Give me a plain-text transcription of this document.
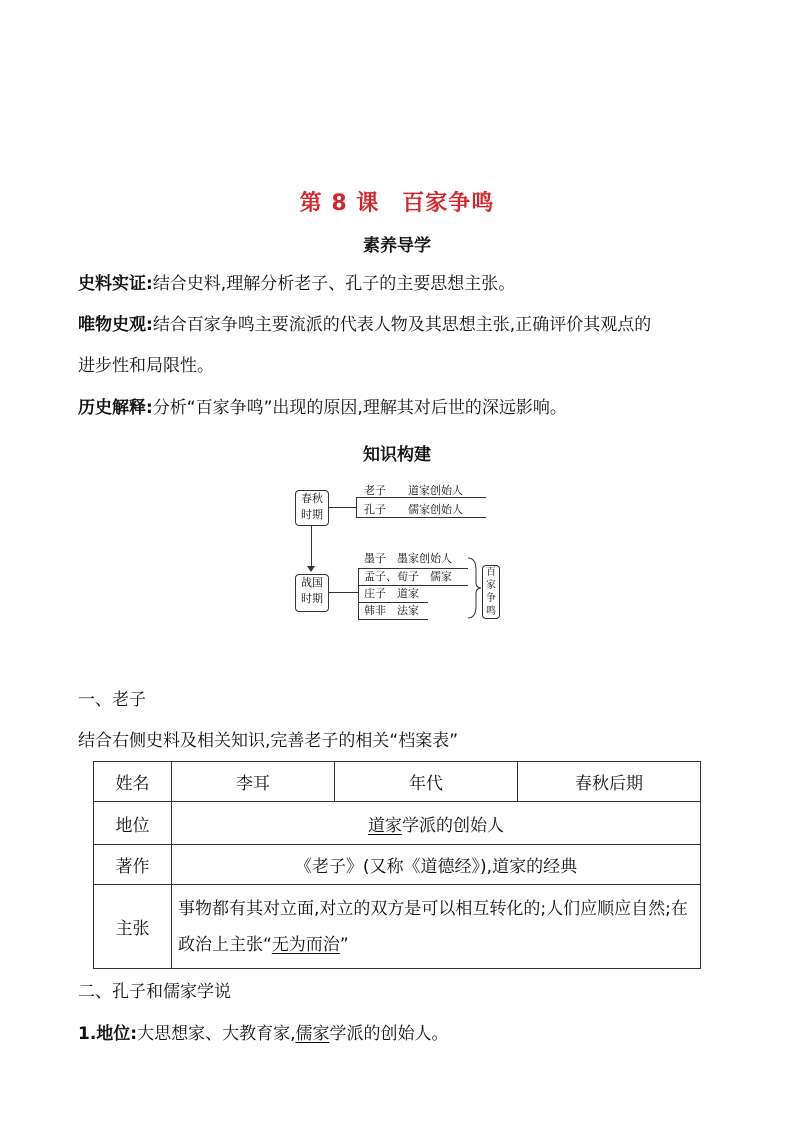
第 8 课　百家争鸣
素养导学
史料实证:结合史料,理解分析老子、孔子的主要思想主张。
唯物史观:结合百家争鸣主要流派的代表人物及其思想主张,正确评价其观点的
进步性和局限性。
历史解释:分析“百家争鸣”出现的原因,理解其对后世的深远影响。
知识构建
春秋
时期
老子　　道家创始人
孔子　　儒家创始人
战国
时期
墨子　墨家创始人
孟子、荀子　儒家
庄子　道家
韩非　法家
百
家
争
鸣
一、老子
结合右侧史料及相关知识,完善老子的相关“档案表”
姓名	李耳	年代	春秋后期
地位	道家学派的创始人		
著作	《老子》(又称《道德经》),道家的经典		
主张	事物都有其对立面,对立的双方是可以相互转化的;人们应顺应自然;在政治上主张“无为而治”		
二、孔子和儒家学说
1.地位:大思想家、大教育家,儒家学派的创始人。
